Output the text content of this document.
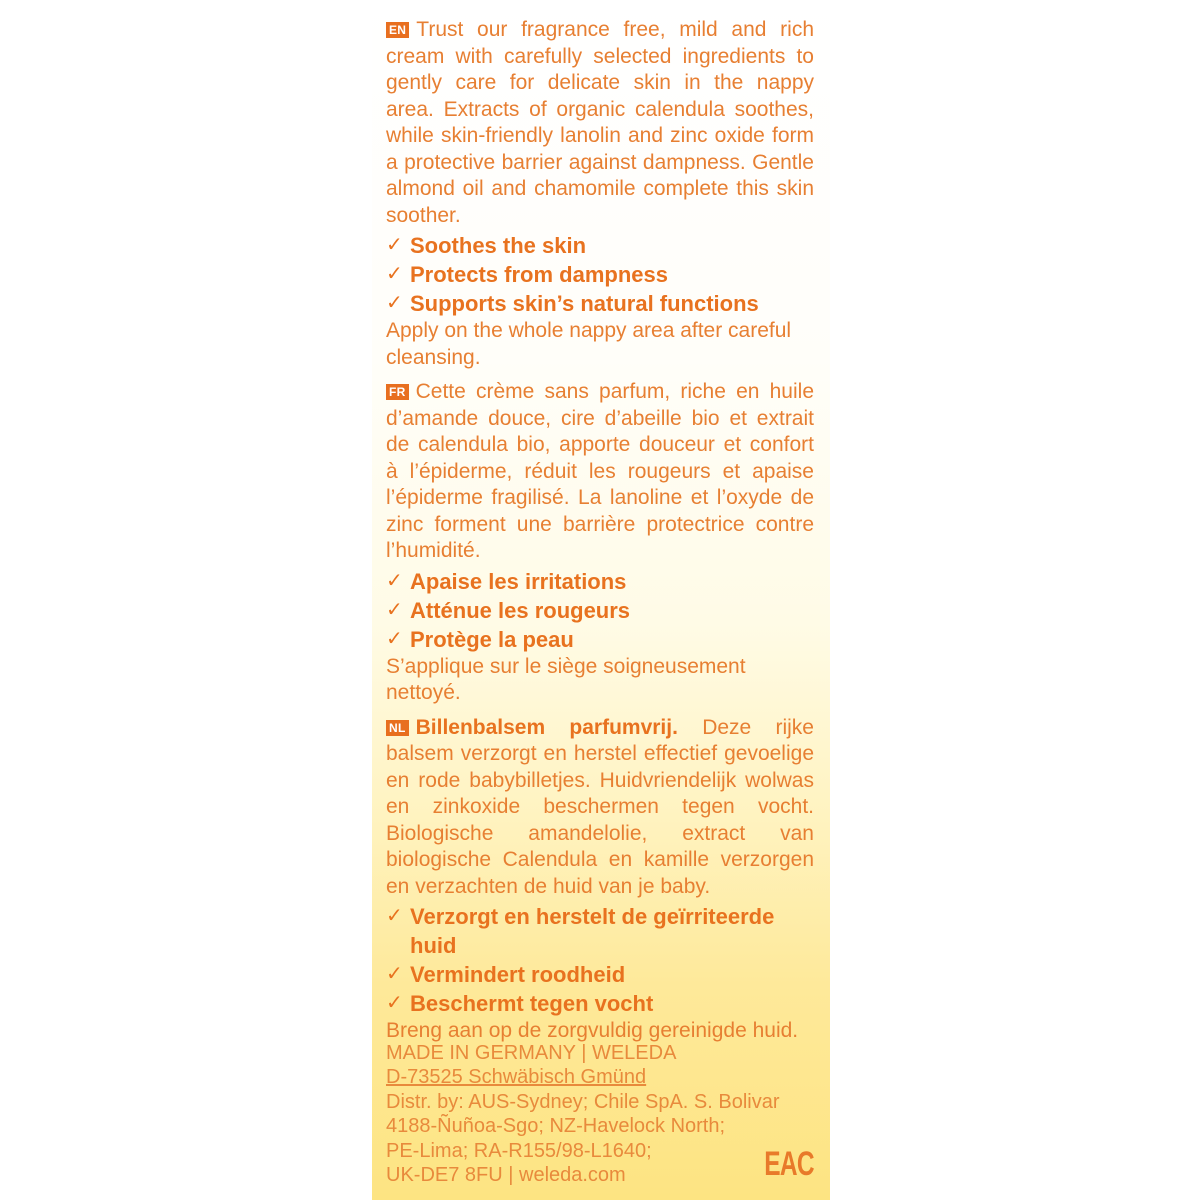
EN Trust our fragrance free, mild and rich cream with carefully selected ingredients to gently care for delicate skin in the nappy area. Extracts of organic calendula soothes, while skin-friendly lanolin and zinc oxide form a protective barrier against dampness. Gentle almond oil and chamomile complete this skin soother.

✓ Soothes the skin
✓ Protects from dampness
✓ Supports skin’s natural functions

Apply on the whole nappy area after careful cleansing.

FR Cette crème sans parfum, riche en huile d’amande douce, cire d’abeille bio et extrait de calendula bio, apporte douceur et confort à l’épiderme, réduit les rougeurs et apaise l’épiderme fragilisé. La lanoline et l’oxyde de zinc forment une barrière protectrice contre l’humidité.

✓ Apaise les irritations
✓ Atténue les rougeurs
✓ Protège la peau

S’applique sur le siège soigneusement nettoyé.

NL Billenbalsem parfumvrij. Deze rijke balsem verzorgt en herstel effectief gevoelige en rode babybilletjes. Huidvriendelijk wolwas en zinkoxide beschermen tegen vocht. Biologische amandelolie, extract van biologische Calendula en kamille verzorgen en verzachten de huid van je baby.

✓ Verzorgt en herstelt de geïrriteerde huid
✓ Vermindert roodheid
✓ Beschermt tegen vocht

Breng aan op de zorgvuldig gereinigde huid.

MADE IN GERMANY | WELEDA
D-73525 Schwäbisch Gmünd
Distr. by: AUS-Sydney; Chile SpA. S. Bolivar
4188-Ñuñoa-Sgo; NZ-Havelock North;
PE-Lima; RA-R155/98-L1640;
UK-DE7 8FU | weleda.com	EAC
